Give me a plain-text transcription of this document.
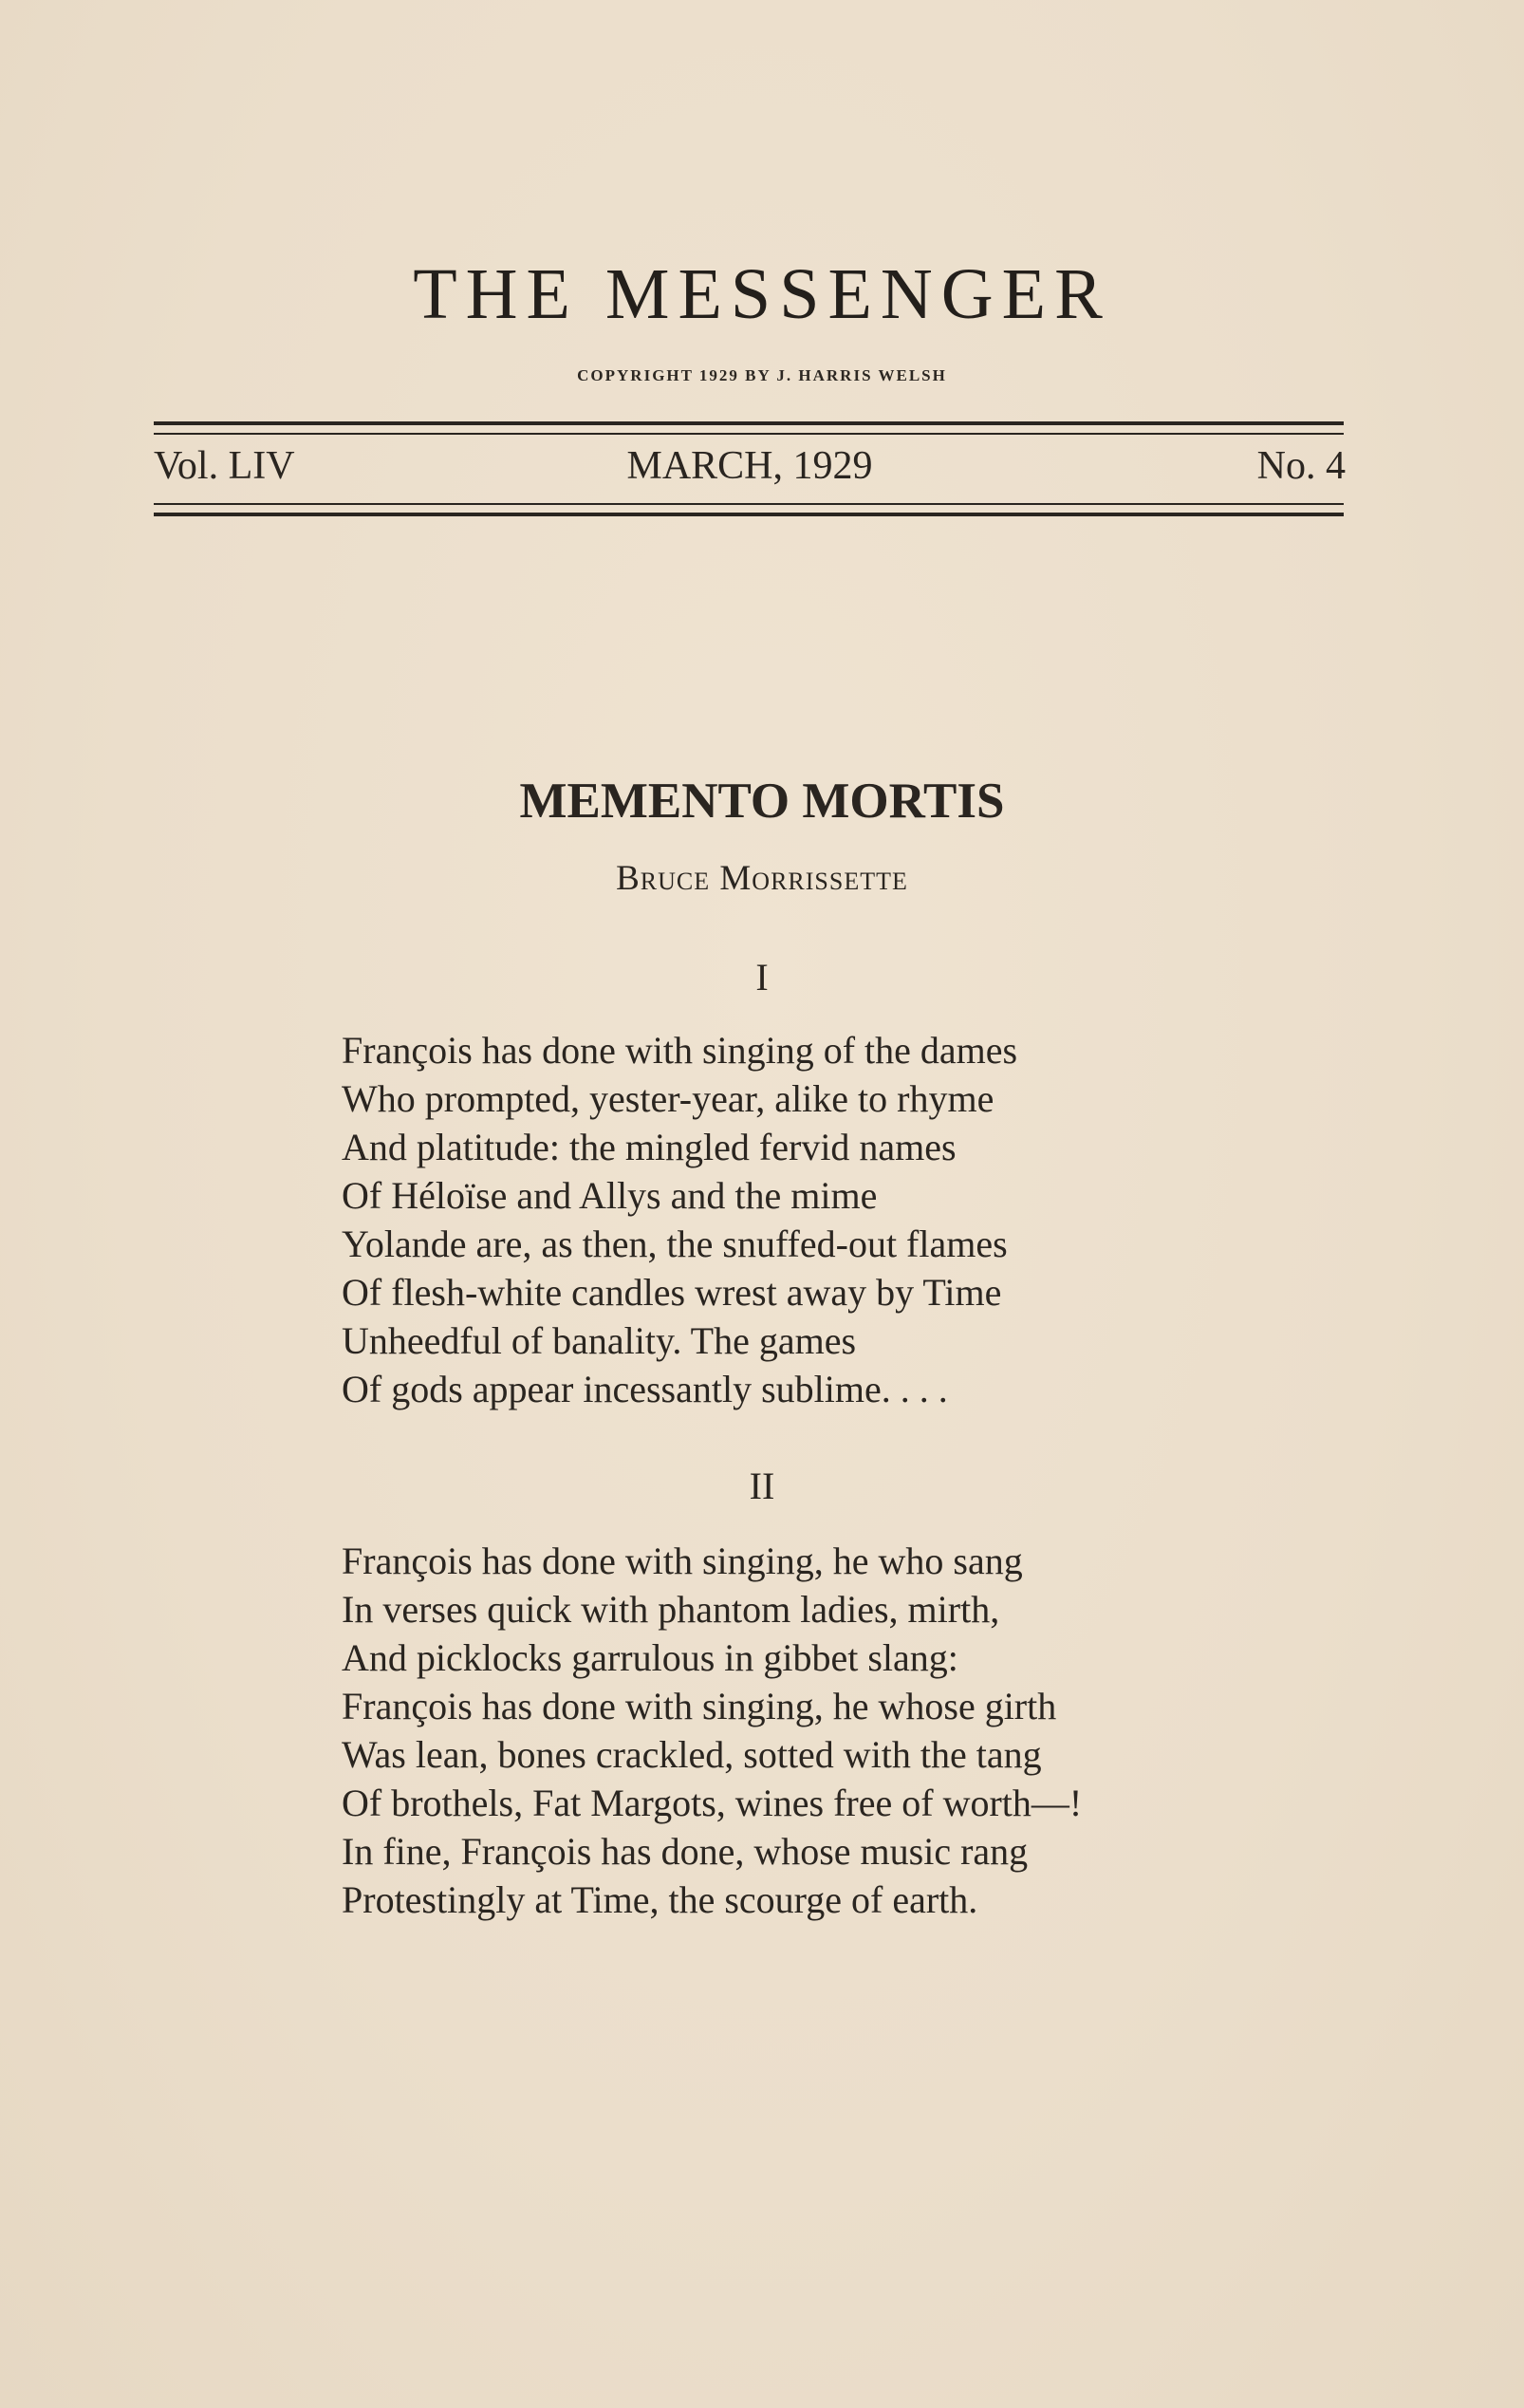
THE MESSENGER
COPYRIGHT 1929 BY J. HARRIS WELSH
Vol. LIV	MARCH, 1929	No. 4
MEMENTO MORTIS
Bruce Morrissette
I
François has done with singing of the dames
Who prompted, yester-year, alike to rhyme
And platitude: the mingled fervid names
Of Héloïse and Allys and the mime
Yolande are, as then, the snuffed-out flames
Of flesh-white candles wrest away by Time
Unheedful of banality. The games
Of gods appear incessantly sublime. . . .
II
François has done with singing, he who sang
In verses quick with phantom ladies, mirth,
And picklocks garrulous in gibbet slang:
François has done with singing, he whose girth
Was lean, bones crackled, sotted with the tang
Of brothels, Fat Margots, wines free of worth—!
In fine, François has done, whose music rang
Protestingly at Time, the scourge of earth.
